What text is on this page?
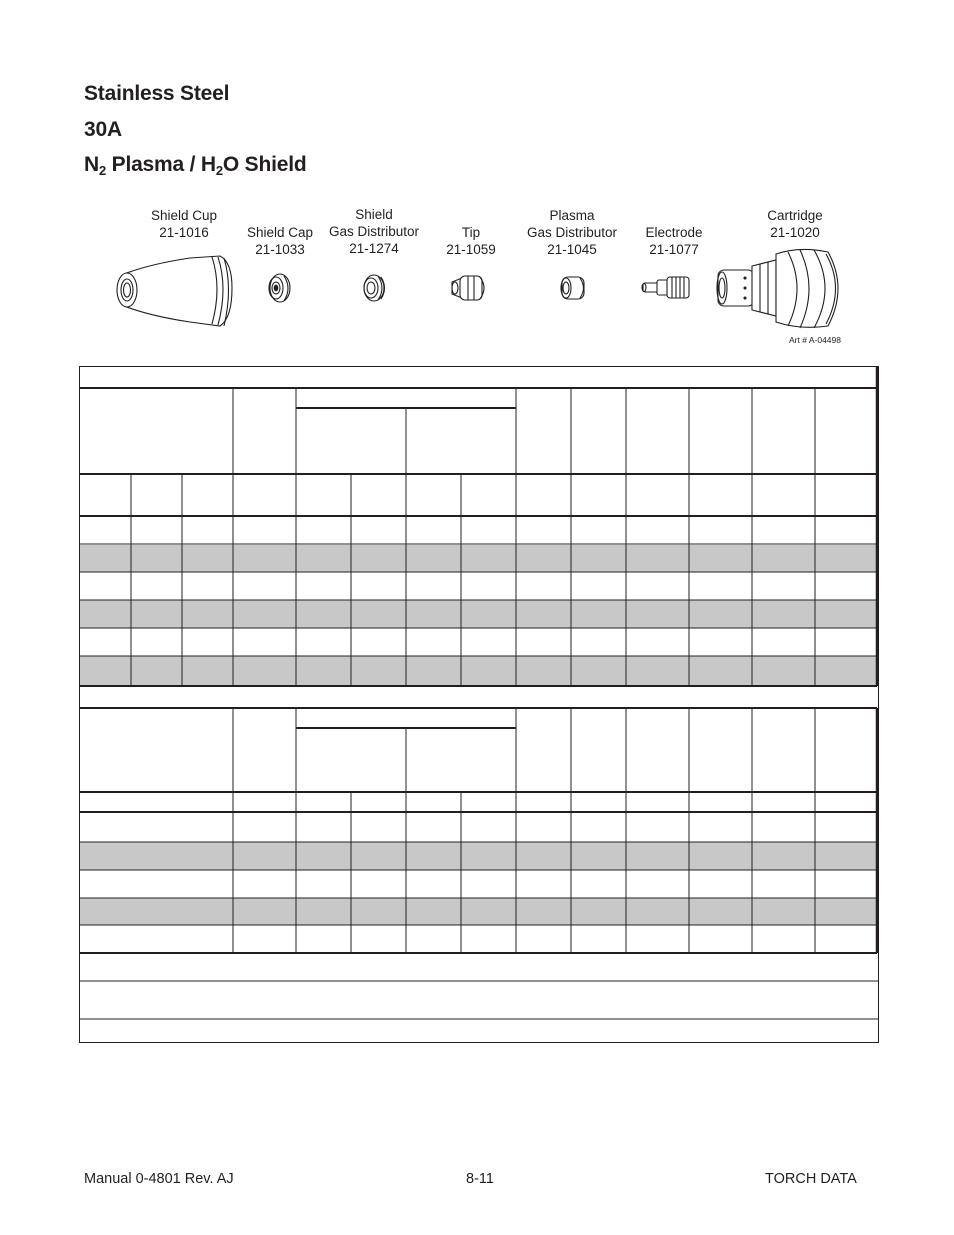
Stainless Steel
30A
$N_2$ Plasma / $H_2O$ Shield
Shield Cup
21-1016	Shield Cap
21-1033
Shield
Gas Distributor
21-1274
Tip
21-1059
Plasma
Gas Distributor
21-1045
Electrode
21-1077
Cartridge
21-1020
Art # A-04498
Manual 0-4801 Rev. AJ	8-11	TORCH DATA
